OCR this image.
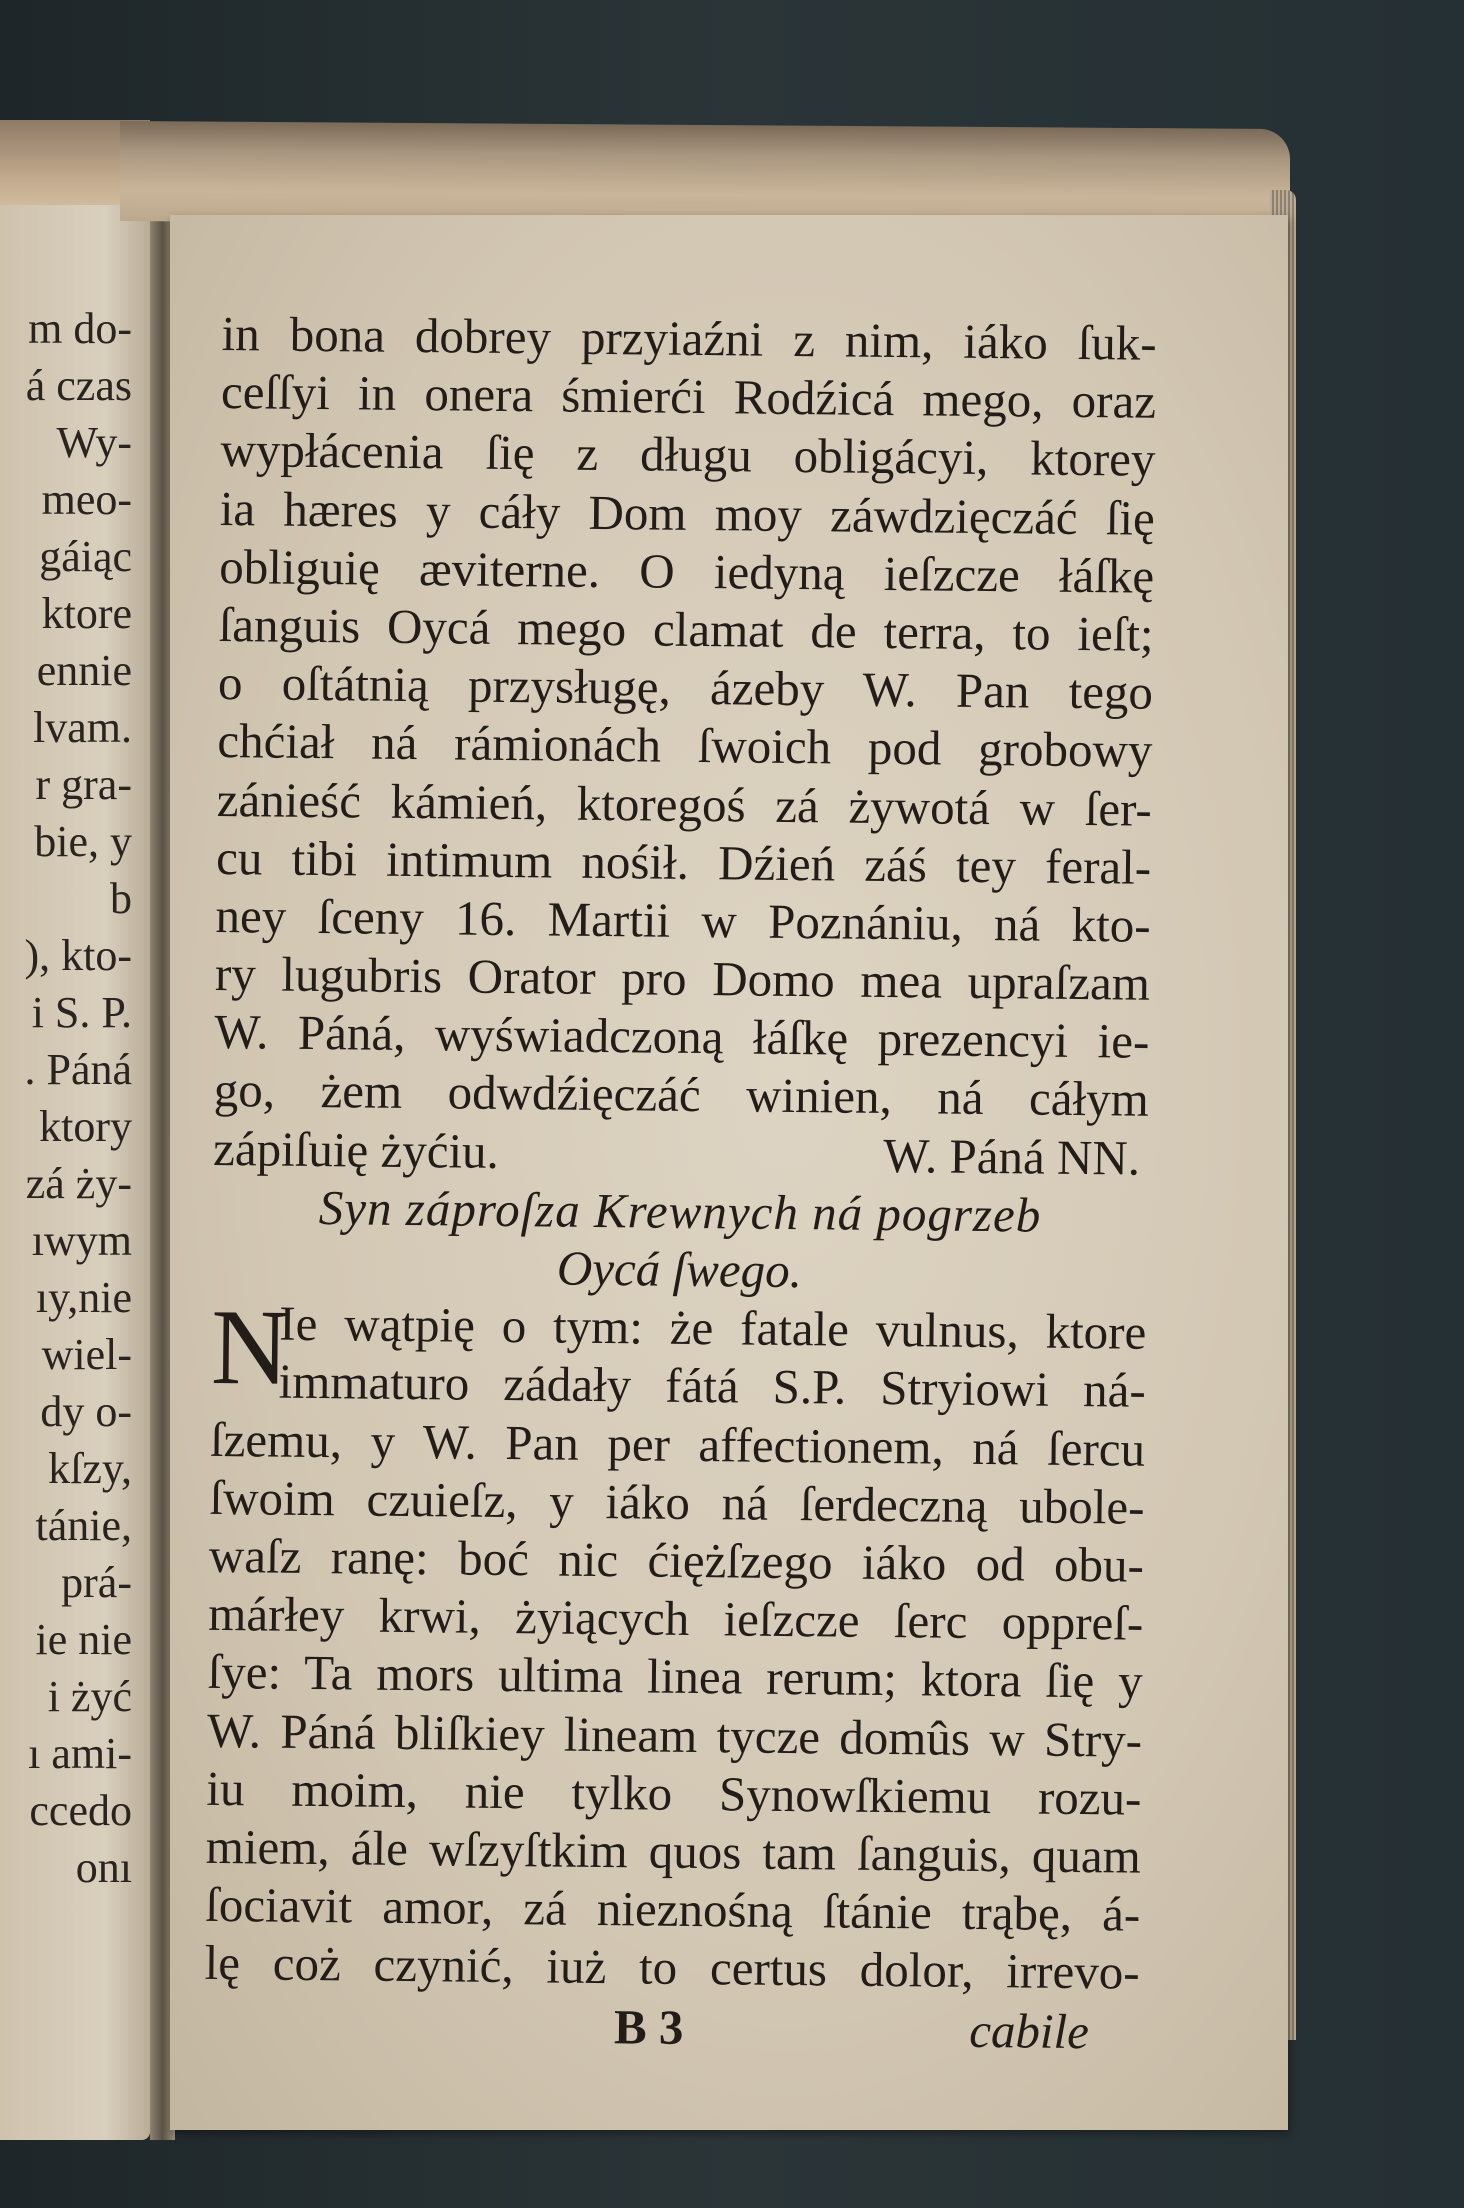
m do-
á czas
Wy-
meo-
gáiąc
ktore
ennie
lvam.
r gra-
bie, y
b
), kto-
i S. P.
. Páná
ktory
zá ży-
ıwym
ıy,nie
wiel-
dy o-
kſzy,
tánie,
prá-
ie nie
i żyć
ı ami-
ccedo
onı
in bona dobrey przyiaźni z nim, iáko ſuk-
ceſſyi in onera śmierći Rodźicá mego, oraz
wypłácenia ſię z długu obligácyi, ktorey
ia hæres y cáły Dom moy záwdzięczáć ſię
obliguię æviterne. O iedyną ieſzcze łáſkę
ſanguis Oycá mego clamat de terra, to ieſt;
o oſtátnią przysługę, ázeby W. Pan tego
chćiał ná rámionách ſwoich pod grobowy
zánieść kámień, ktoregoś zá żywotá w ſer-
cu tibi intimum nośił. Dźień záś tey feral-
ney ſceny 16. Martii w Poznániu, ná kto-
ry lugubris Orator pro Domo mea upraſzam
W. Páná, wyświadczoną łáſkę prezencyi ie-
go, żem odwdźięczáć winien, ná cáłym
zápiſuię żyćiu.	W. Páná NN.
Syn záproſza Krewnych ná pogrzeb
Oycá ſwego.
N
Ie wątpię o tym: że fatale vulnus, ktore
immaturo zádały fátá S.P. Stryiowi ná-
ſzemu, y W. Pan per affectionem, ná ſercu
ſwoim czuieſz, y iáko ná ſerdeczną ubole-
waſz ranę: boć nic ćiężſzego iáko od obu-
márłey krwi, żyiących ieſzcze ſerc oppreſ-
ſye: Ta mors ultima linea rerum; ktora ſię y
W. Páná bliſkiey lineam tycze domûs w Stry-
iu moim, nie tylko Synowſkiemu rozu-
miem, ále wſzyſtkim quos tam ſanguis, quam
ſociavit amor, zá nieznośną ſtánie trąbę, á-
lę coż czynić, iuż to certus dolor, irrevo-
B 3	cabile
